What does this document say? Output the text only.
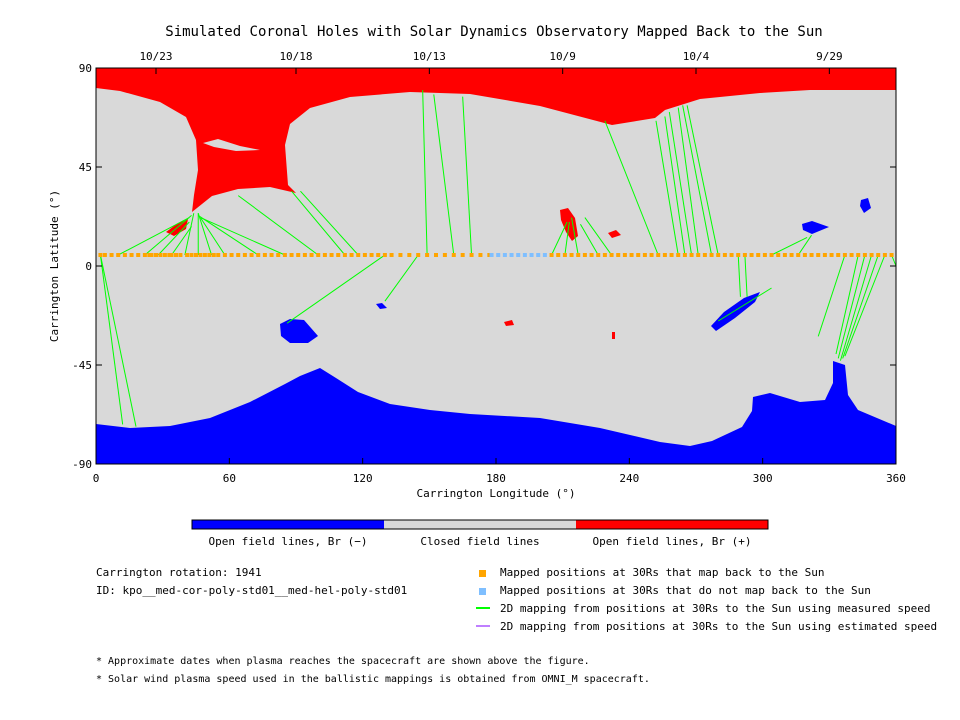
Simulated Coronal Holes with Solar Dynamics Observatory Mapped Back to the Sun
0	60	120	180	240	300	360
90
45
0
-45
-90
10/23	10/18	10/13	10/9	10/4	9/29
Carrington Longitude (°)
Carrington Latitude (°)
Open field lines, Br (−)	Closed field lines	Open field lines, Br (+)
Carrington rotation: 1941
ID: kpo__med-cor-poly-std01__med-hel-poly-std01
Mapped positions at 30Rs that map back to the Sun
Mapped positions at 30Rs that do not map back to the Sun
2D mapping from positions at 30Rs to the Sun using measured speed
2D mapping from positions at 30Rs to the Sun using estimated speed
* Approximate dates when plasma reaches the spacecraft are shown above the figure.
* Solar wind plasma speed used in the ballistic mappings is obtained from OMNI_M spacecraft.
